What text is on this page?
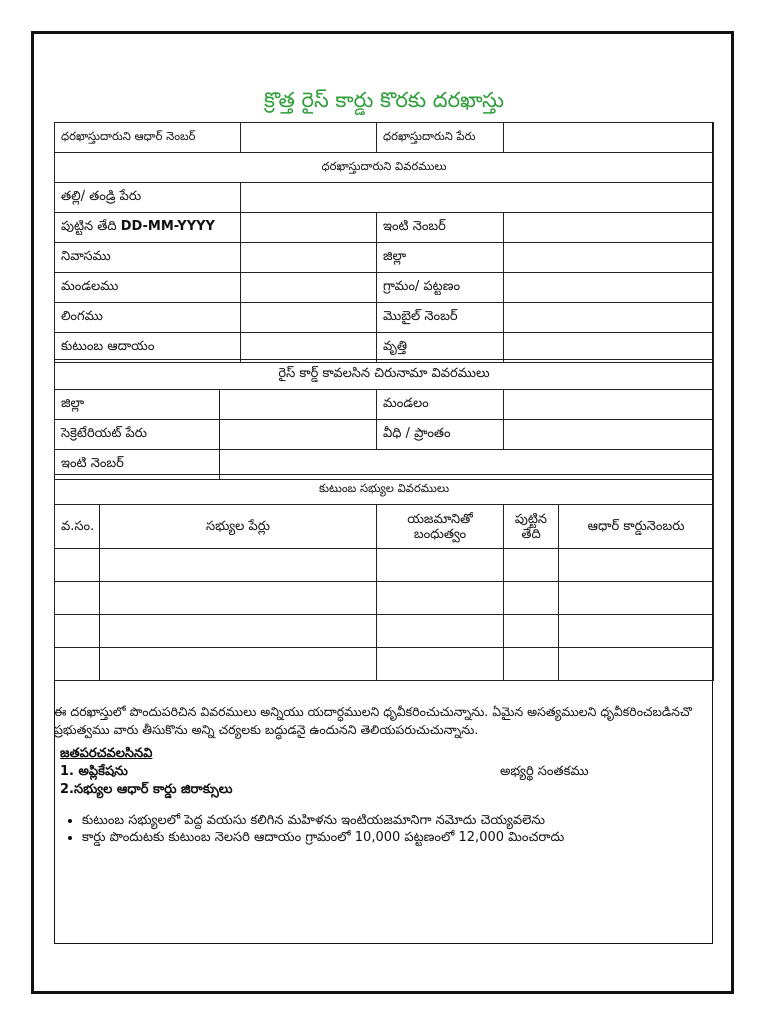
క్రొత్త రైస్ కార్డు కొరకు దరఖాస్తు
ధరఖాస్తుదారుని ఆధార్ నెంబర్		ధరఖాస్తుదారుని పేరు	
ధరఖాస్తుదారుని వివరములు			
తల్లి/ తండ్రి పేరు			
పుట్టిన తేది DD-MM-YYYY		ఇంటి నెంబర్	
నివాసము		జిల్లా	
మండలము		గ్రామం/ పట్టణం	
లింగము		మొబైల్ నెంబర్	
కుటుంబ ఆదాయం		వృత్తి	
రైస్ కార్డ్ కావలసిన చిరునామా వివరములు			
జిల్లా		మండలం	
సెక్రెటేరియట్ పేరు		వీధి / ప్రాంతం	
ఇంటి నెంబర్			
కుటుంబ సభ్యుల వివరములు				
వ.సం.	సభ్యుల పేర్లు	యజమానితో బంధుత్వం	పుట్టిన తేది	ఆధార్ కార్డునెంబరు

ఈ దరఖాస్తులో పొందుపరిచిన వివరములు అన్నియు యదార్ధములని ధృవీకరించుచున్నాను. ఏమైన అసత్యములని ధృవీకరించబడినచొ ప్రభుత్వము వారు తీసుకొను అన్ని చర్యలకు బద్ధుడనై ఉందునని తెలియపరుచుచున్నాను.
జతపరచవలసినవి
1. అప్లికేషను
2.సభ్యుల ఆధార్ కార్డు జిరాక్సులు
అభ్యర్థి సంతకము
• కుటుంబ సభ్యులలో పెద్ద వయసు కలిగిన మహిళను ఇంటియజమానిగా నమోదు చెయ్యవలెను
• కార్డు పొందుటకు కుటుంబ నెలసరి ఆదాయం గ్రామంలో 10,000 పట్టణంలో 12,000 మించరాదు
